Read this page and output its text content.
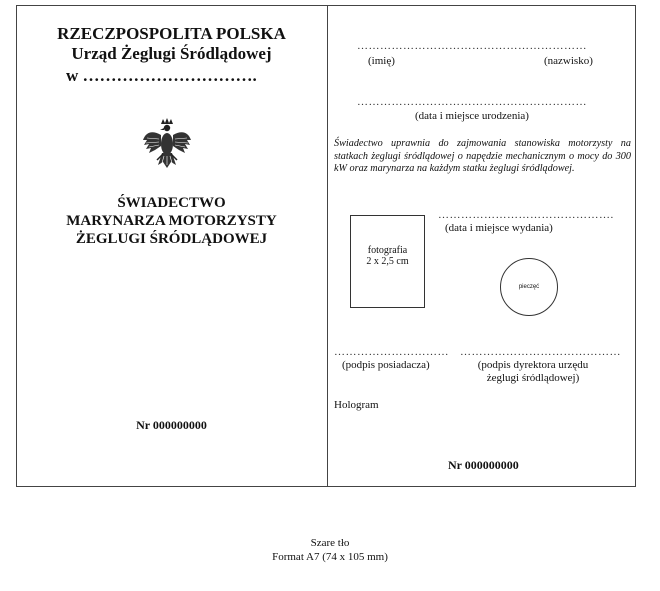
RZECZPOSPOLITA POLSKA
Urząd Żeglugi Śródlądowej
w ………………………….
ŚWIADECTWO
MARYNARZA MOTORZYSTY
ŻEGLUGI ŚRÓDLĄDOWEJ
Nr 000000000
……………………………………………………
(imię)	(nazwisko)
……………………………………………………
(data i miejsce urodzenia)
Świadectwo uprawnia do zajmowania stanowiska motorzysty na statkach żeglugi śródlądowej o napędzie mechanicznym o mocy do 300 kW oraz marynarza na każdym statku żeglugi śródlądowej.
……………………………………….
(data i miejsce wydania)
fotografia
2 x 2,5 cm
pieczęć
…………………………
(podpis posiadacza)
……………………………………
(podpis dyrektora urzędu
żeglugi śródlądowej)
Hologram
Nr 000000000
Szare tło
Format A7 (74 x 105 mm)
